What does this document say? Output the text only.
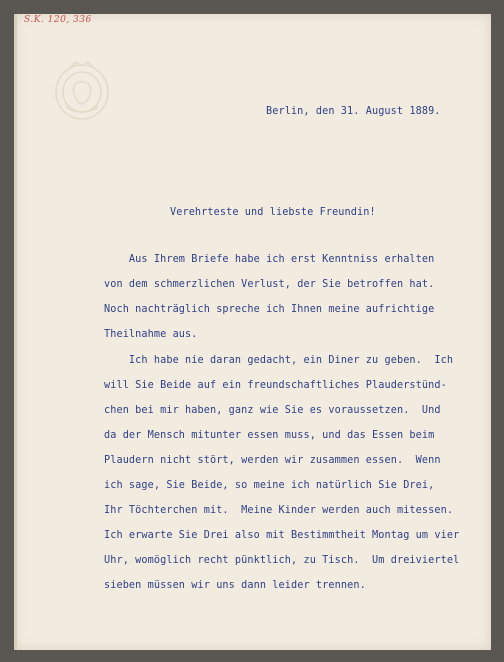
S.K. 120, 336
Berlin, den 31. August 1889.
Verehrteste und liebste Freundin!
Aus Ihrem Briefe habe ich erst Kenntniss erhalten
von dem schmerzlichen Verlust, der Sie betroffen hat.
Noch nachträglich spreche ich Ihnen meine aufrichtige
Theilnahme aus.
Ich habe nie daran gedacht, ein Diner zu geben.  Ich
will Sie Beide auf ein freundschaftliches Plauderstünd-
chen bei mir haben, ganz wie Sie es voraussetzen.  Und
da der Mensch mitunter essen muss, und das Essen beim
Plaudern nicht stört, werden wir zusammen essen.  Wenn
ich sage, Sie Beide, so meine ich natürlich Sie Drei,
Ihr Töchterchen mit.  Meine Kinder werden auch mitessen.
Ich erwarte Sie Drei also mit Bestimmtheit Montag um vier
Uhr, womöglich recht pünktlich, zu Tisch.  Um dreiviertel
sieben müssen wir uns dann leider trennen.
